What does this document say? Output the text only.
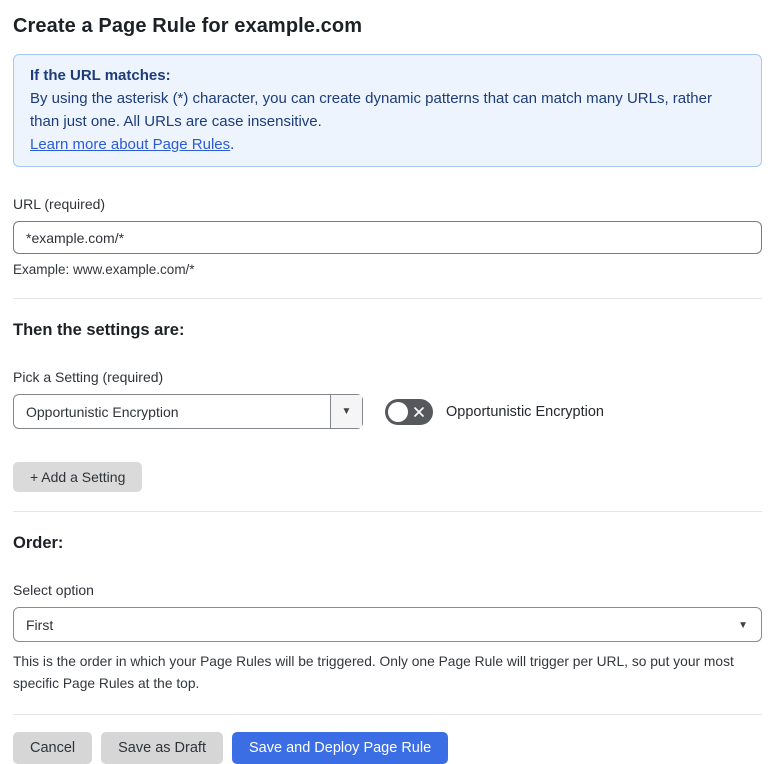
Create a Page Rule for example.com
If the URL matches:
By using the asterisk (*) character, you can create dynamic patterns that can match many URLs, rather than just one. All URLs are case insensitive.
Learn more about Page Rules.
URL (required)
*example.com/*
Example: www.example.com/*
Then the settings are:
Pick a Setting (required)
Opportunistic Encryption	▼	Opportunistic Encryption
+ Add a Setting
Order:
Select option
First	▼
This is the order in which your Page Rules will be triggered. Only one Page Rule will trigger per URL, so put your most specific Page Rules at the top.
Cancel	Save as Draft	Save and Deploy Page Rule
